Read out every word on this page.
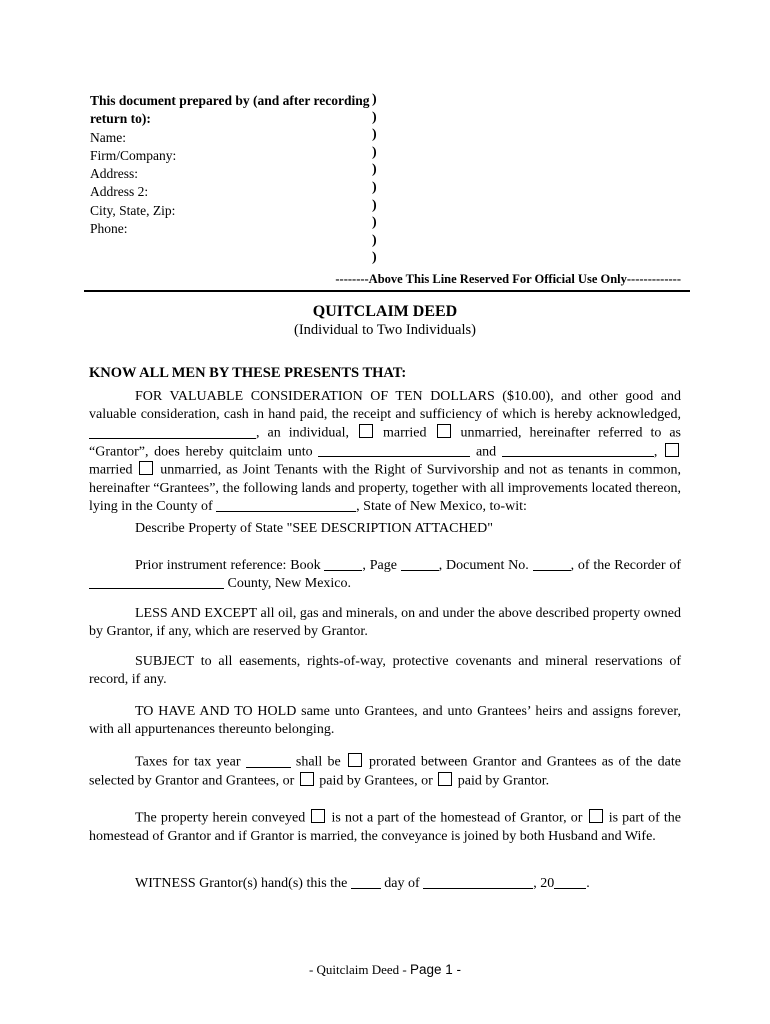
This document prepared by (and after recording return to):
Name:
Firm/Company:
Address:
Address 2:
City, State, Zip:
Phone:
)
)
)
)
)
)
)
)
)
)
--------Above This Line Reserved For Official Use Only-------------
QUITCLAIM DEED
(Individual to Two Individuals)
KNOW ALL MEN BY THESE PRESENTS THAT:
FOR VALUABLE CONSIDERATION OF TEN DOLLARS ($10.00), and other good and valuable consideration, cash in hand paid, the receipt and sufficiency of which is hereby acknowledged, , an individual,  married  unmarried, hereinafter referred to as “Grantor”, does hereby quitclaim unto	and	,  married  unmarried, as Joint Tenants with the Right of Survivorship and not as tenants in common, hereinafter “Grantees”, the following lands and property, together with all improvements located thereon, lying in the County of	, State of New Mexico, to-wit:
Describe Property of State "SEE DESCRIPTION ATTACHED"
Prior instrument reference: Book	, Page	, Document No.	, of the Recorder of  County, New Mexico.
LESS AND EXCEPT all oil, gas and minerals, on and under the above described property owned by Grantor, if any, which are reserved by Grantor.
SUBJECT to all easements, rights-of-way, protective covenants and mineral reservations of record, if any.
TO HAVE AND TO HOLD same unto Grantees, and unto Grantees’ heirs and assigns forever, with all appurtenances thereunto belonging.
Taxes for tax year	shall be  prorated between Grantor and Grantees as of the date selected by Grantor and Grantees, or  paid by Grantees, or  paid by Grantor.
The property herein conveyed  is not a part of the homestead of Grantor, or  is part of the homestead of Grantor and if Grantor is married, the conveyance is joined by both Husband and Wife.
WITNESS Grantor(s) hand(s) this the  day of	, 20 .
- Quitclaim Deed - Page 1 -
